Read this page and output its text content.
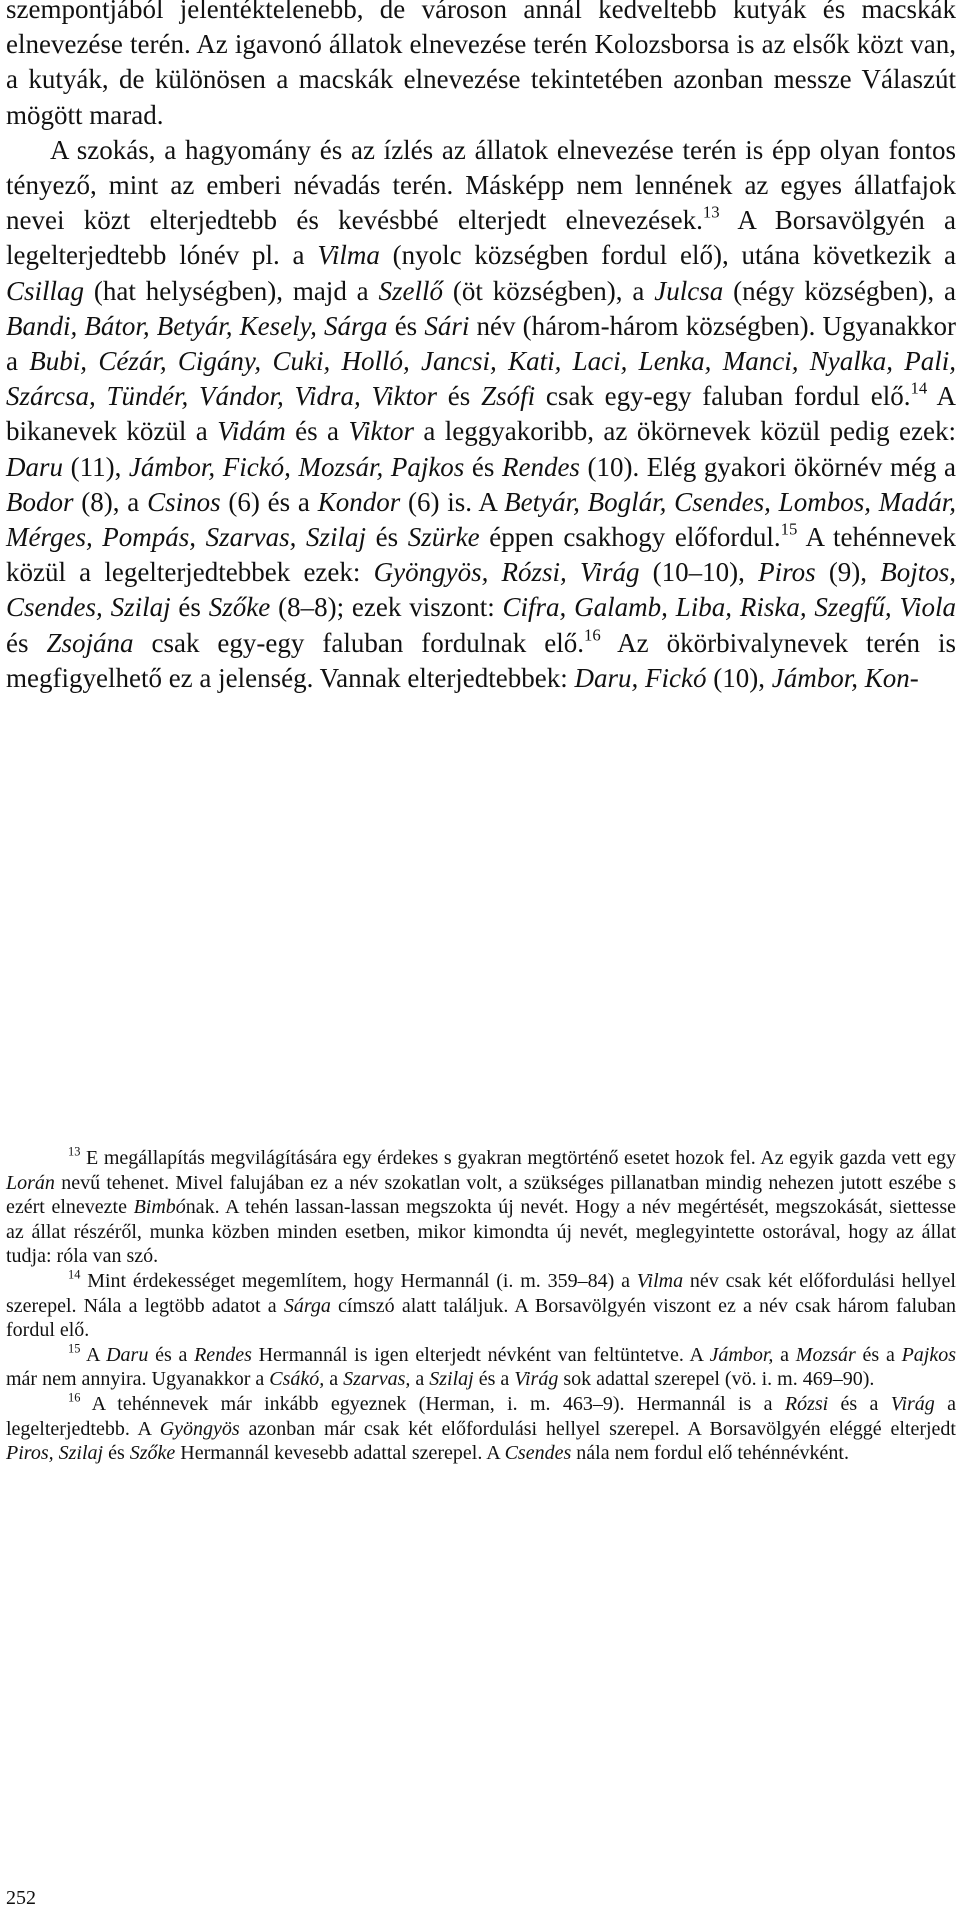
szempontjából jelentéktelenebb, de városon annál kedveltebb kutyák és macskák elnevezése terén. Az igavonó állatok elnevezése terén Kolozsborsa is az elsők közt van, a kutyák, de különösen a macskák elnevezése tekintetében azonban messze Válaszút mögött marad.

A szokás, a hagyomány és az ízlés az állatok elnevezése terén is épp olyan fontos tényező, mint az emberi névadás terén. Másképp nem lennének az egyes állatfajok nevei közt elterjedtebb és kevésbbé elterjedt elnevezések.$^{13}$ A Borsavölgyén a legelterjedtebb lónév pl. a Vilma (nyolc községben fordul elő), utána következik a Csillag (hat helységben), majd a Szellő (öt községben), a Julcsa (négy községben), a Bandi, Bátor, Betyár, Kesely, Sárga és Sári név (három-három községben). Ugyanakkor a Bubi, Cézár, Cigány, Cuki, Holló, Jancsi, Kati, Laci, Lenka, Manci, Nyalka, Pali, Szárcsa, Tündér, Vándor, Vidra, Viktor és Zsófi csak egy-egy faluban fordul elő.$^{14}$ A bikanevek közül a Vidám és a Viktor a leggyakoribb, az ökörnevek közül pedig ezek: Daru (11), Jámbor, Fickó, Mozsár, Pajkos és Rendes (10). Elég gyakori ökörnév még a Bodor (8), a Csinos (6) és a Kondor (6) is. A Betyár, Boglár, Csendes, Lombos, Madár, Mérges, Pompás, Szarvas, Szilaj és Szürke éppen csakhogy előfordul.$^{15}$ A tehénnevek közül a legelterjedtebbek ezek: Gyöngyös, Rózsi, Virág (10–10), Piros (9), Bojtos, Csendes, Szilaj és Szőke (8–8); ezek viszont: Cifra, Galamb, Liba, Riska, Szegfű, Viola és Zsojána csak egy-egy faluban fordulnak elő.$^{16}$ Az ökörbivalynevek terén is megfigyelhető ez a jelenség. Vannak elterjedtebbek: Daru, Fickó (10), Jámbor, Kon-

$^{13}$ E megállapítás megvilágítására egy érdekes s gyakran megtörténő esetet hozok fel. Az egyik gazda vett egy Lorán nevű tehenet. Mivel falujában ez a név szokatlan volt, a szükséges pillanatban mindig nehezen jutott eszébe s ezért elnevezte Bimbónak. A tehén lassan-lassan megszokta új nevét. Hogy a név megértését, megszokását, siettesse az állat részéről, munka közben minden esetben, mikor kimondta új nevét, meglegyintette ostorával, hogy az állat tudja: róla van szó.

$^{14}$ Mint érdekességet megemlítem, hogy Hermannál (i. m. 359–84) a Vilma név csak két előfordulási hellyel szerepel. Nála a legtöbb adatot a Sárga címszó alatt találjuk. A Borsavölgyén viszont ez a név csak három faluban fordul elő.

$^{15}$ A Daru és a Rendes Hermannál is igen elterjedt névként van feltüntetve. A Jámbor, a Mozsár és a Pajkos már nem annyira. Ugyanakkor a Csákó, a Szarvas, a Szilaj és a Virág sok adattal szerepel (vö. i. m. 469–90).

$^{16}$ A tehénnevek már inkább egyeznek (Herman, i. m. 463–9). Hermannál is a Rózsi és a Virág a legelterjedtebb. A Gyöngyös azonban már csak két előfordulási hellyel szerepel. A Borsavölgyén eléggé elterjedt Piros, Szilaj és Szőke Hermannál kevesebb adattal szerepel. A Csendes nála nem fordul elő tehénnévként.

252
